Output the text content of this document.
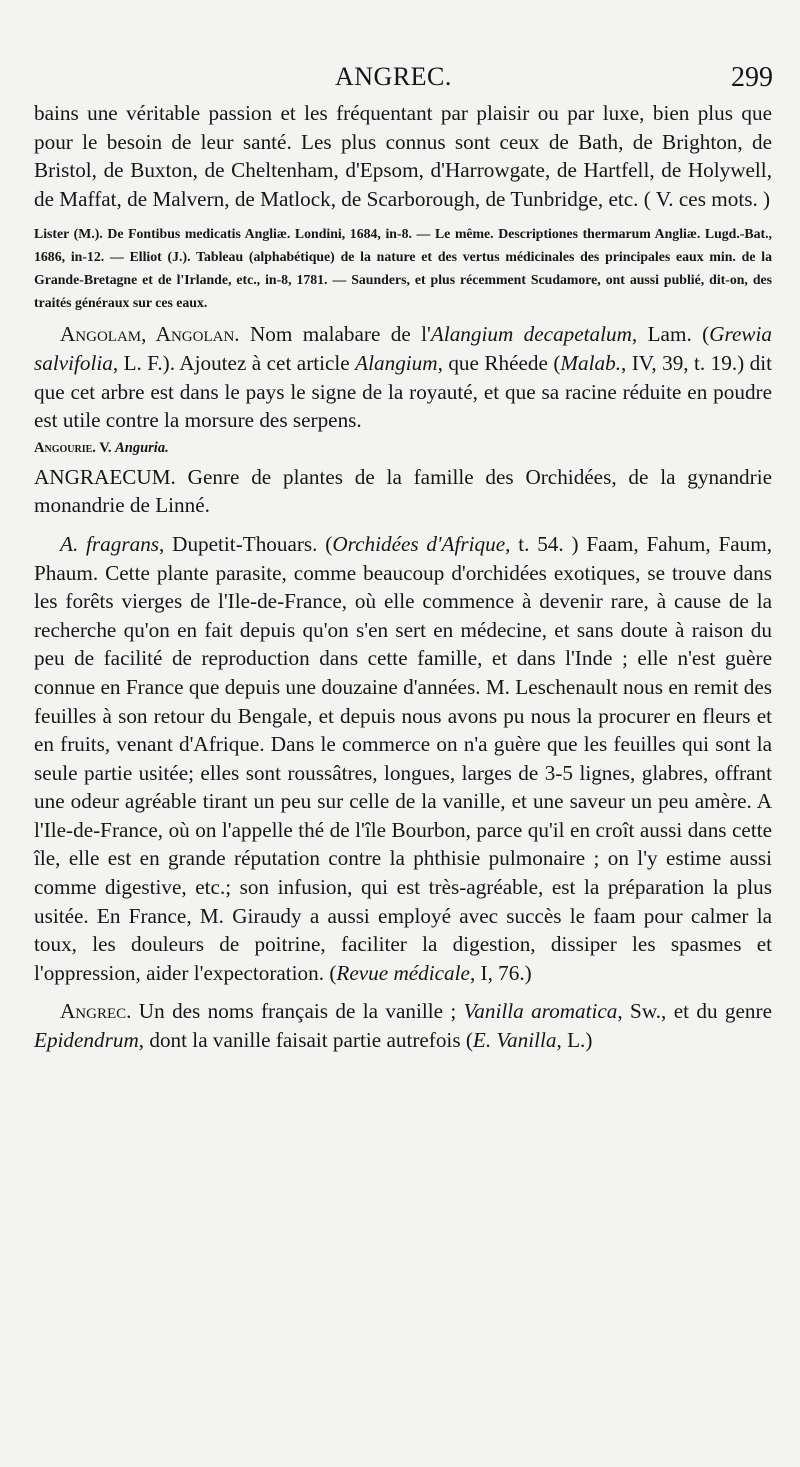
ANGREC.	299

bains une véritable passion et les fréquentant par plaisir ou par luxe, bien plus que pour le besoin de leur santé. Les plus connus sont ceux de Bath, de Brighton, de Bristol, de Buxton, de Cheltenham, d'Epsom, d'Harrowgate, de Hartfell, de Holywell, de Maffat, de Malvern, de Matlock, de Scarborough, de Tunbridge, etc. ( V. ces mots. )

Lister (M.). De Fontibus medicatis Angliæ. Londini, 1684, in-8. — Le même. Descriptiones thermarum Angliæ. Lugd.-Bat., 1686, in-12. — Elliot (J.). Tableau (alphabétique) de la nature et des vertus médicinales des principales eaux min. de la Grande-Bretagne et de l'Irlande, etc., in-8, 1781. — Saunders, et plus récemment Scudamore, ont aussi publié, dit-on, des traités généraux sur ces eaux.

Angolam, Angolan. Nom malabare de l'Alangium decapetalum, Lam. (Grewia salvifolia, L. F.). Ajoutez à cet article Alangium, que Rhéede (Malab., IV, 39, t. 19.) dit que cet arbre est dans le pays le signe de la royauté, et que sa racine réduite en poudre est utile contre la morsure des serpens.

Angourie. V. Anguria.

ANGRAECUM. Genre de plantes de la famille des Orchidées, de la gynandrie monandrie de Linné.

A. fragrans, Dupetit-Thouars. (Orchidées d'Afrique, t. 54. ) Faam, Fahum, Faum, Phaum. Cette plante parasite, comme beaucoup d'orchidées exotiques, se trouve dans les forêts vierges de l'Ile-de-France, où elle commence à devenir rare, à cause de la recherche qu'on en fait depuis qu'on s'en sert en médecine, et sans doute à raison du peu de facilité de reproduction dans cette famille, et dans l'Inde ; elle n'est guère connue en France que depuis une douzaine d'années. M. Leschenault nous en remit des feuilles à son retour du Bengale, et depuis nous avons pu nous la procurer en fleurs et en fruits, venant d'Afrique. Dans le commerce on n'a guère que les feuilles qui sont la seule partie usitée; elles sont roussâtres, longues, larges de 3-5 lignes, glabres, offrant une odeur agréable tirant un peu sur celle de la vanille, et une saveur un peu amère. A l'Ile-de-France, où on l'appelle thé de l'île Bourbon, parce qu'il en croît aussi dans cette île, elle est en grande réputation contre la phthisie pulmonaire ; on l'y estime aussi comme digestive, etc.; son infusion, qui est très-agréable, est la préparation la plus usitée. En France, M. Giraudy a aussi employé avec succès le faam pour calmer la toux, les douleurs de poitrine, faciliter la digestion, dissiper les spasmes et l'oppression, aider l'expectoration. (Revue médicale, I, 76.)

Angrec. Un des noms français de la vanille ; Vanilla aromatica, Sw., et du genre Epidendrum, dont la vanille faisait partie autrefois (E. Vanilla, L.)
